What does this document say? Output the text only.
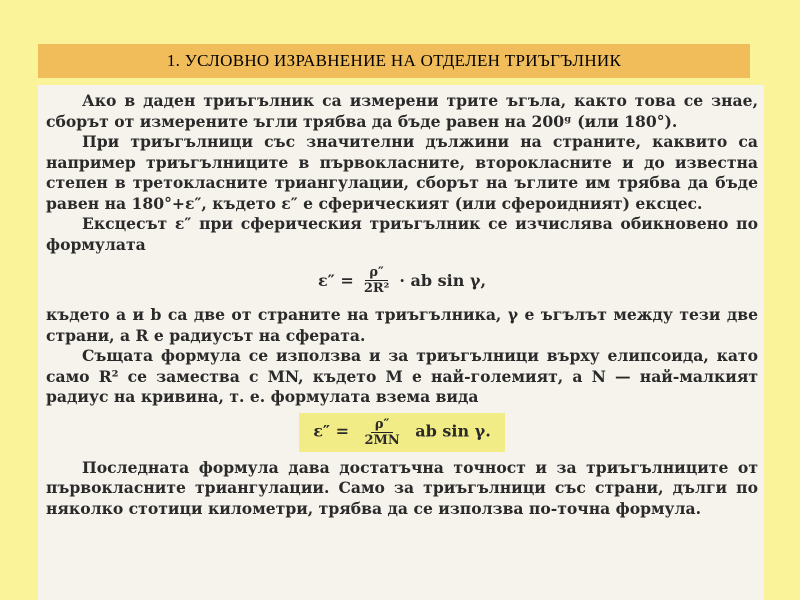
1. УСЛОВНО ИЗРАВНЕНИЕ НА ОТДЕЛЕН ТРИЪГЪЛНИК

Ако в даден триъгълник са измерени трите ъгъла, както това се знае, сборът от измерените ъгли трябва да бъде равен на 200ᵍ (или 180°).

При триъгълници със значителни дължини на страните, каквито са например триъгълниците в първокласните, второкласните и до известна степен в третокласните триангулации, сборът на ъглите им трябва да бъде равен на 180°+ε″, където ε″ е сферическият (или сфероидният) ексцес.

Ексцесът ε″ при сферическия триъгълник се изчислява обикновено по формулата

$\varepsilon'' = \frac{\rho''}{\text{2R²}}$ · ab sin γ,

където a и b са две от страните на триъгълника, γ е ъгълът между тези две страни, а R е радиусът на сферата.

Същата формула се използва и за триъгълници върху елипсоида, като само R² се замества с MN, където M е най-големият, а N — най-малкият радиус на кривина, т. е. формулата взема вида

$\varepsilon'' = \frac{\rho''}{2MN}$ ab sin γ.

Последната формула дава достатъчна точност и за триъгълниците от първокласните триангулации. Само за триъгълници със страни, дълги по няколко стотици километри, трябва да се използва по-точна формула.
